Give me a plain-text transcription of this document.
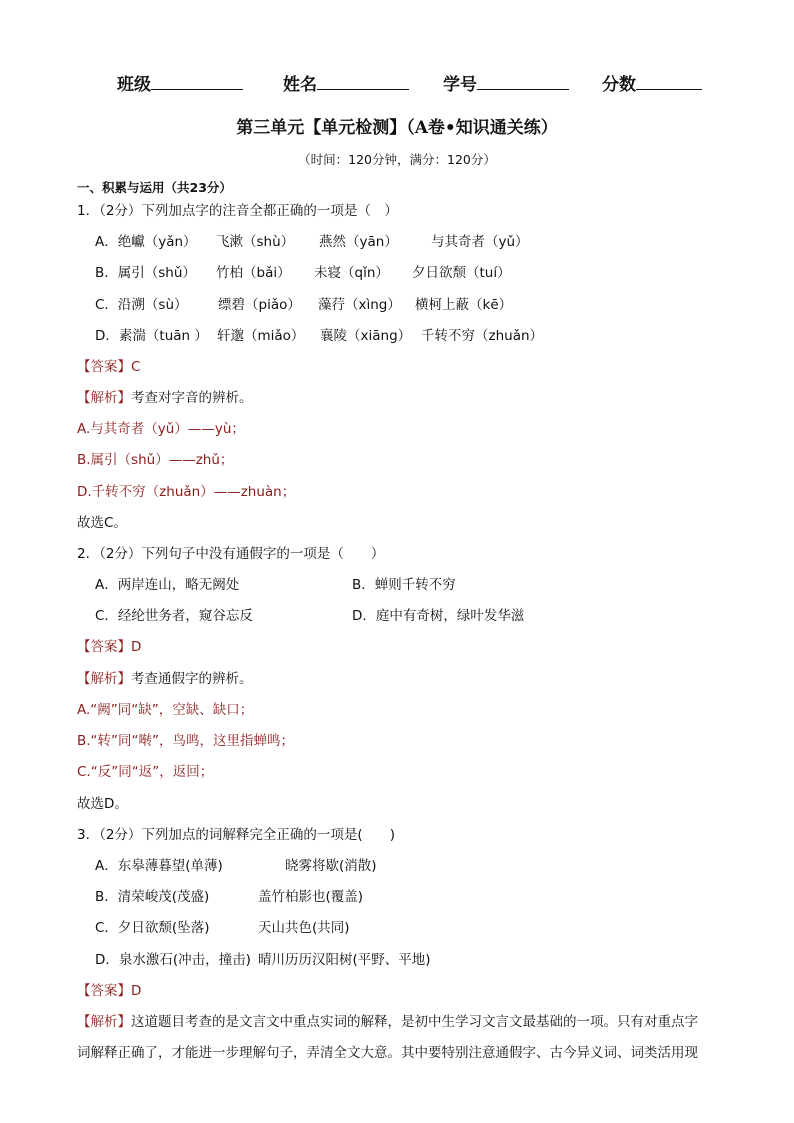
班级	姓名	学号	分数
第三单元【单元检测】（A卷•知识通关练）
（时间：120分钟，满分：120分）
一、积累与运用（共23分）
1．（2分）下列加点字的注音全都正确的一项是（　）
A．绝巘（yǎn） 飞漱（shù） 燕然（yān） 与其奇者（yǔ）
B．属引（shǔ） 竹柏（bǎi） 未寝（qǐn） 夕日欲颓（tuí）
C．沿溯（sù） 缥碧（piǎo） 藻荇（xìng） 横柯上蔽（kē）
D．素湍（tuān ） 轩邈（miǎo） 襄陵（xiāng） 千转不穷（zhuǎn）
【答案】C
【解析】考查对字音的辨析。
A.与其奇者（yǔ）——yù；
B.属引（shǔ）——zhǔ；
D.千转不穷（zhuǎn）——zhuàn；
故选C。
2．（2分）下列句子中没有通假字的一项是（　　）
A．两岸连山，略无阙处	B．蝉则千转不穷
C．经纶世务者，窥谷忘反	D．庭中有奇树，绿叶发华滋
【答案】D
【解析】考查通假字的辨析。
A.“阙”同“缺”，空缺、缺口；
B.“转”同“啭”，鸟鸣，这里指蝉鸣；
C.“反”同“返”，返回；
故选D。
3．（2分）下列加点的词解释完全正确的一项是(　　)
A．东皋薄暮望(单薄)	晓雾将歇(消散)
B．清荣峻茂(茂盛)	盖竹柏影也(覆盖)
C．夕日欲颓(坠落)	天山共色(共同)
D．泉水激石(冲击，撞击) 晴川历历汉阳树(平野、平地)
【答案】D
【解析】这道题目考查的是文言文中重点实词的解释，是初中生学习文言文最基础的一项。只有对重点字
词解释正确了，才能进一步理解句子，弄清全文大意。其中要特别注意通假字、古今异义词、词类活用现
